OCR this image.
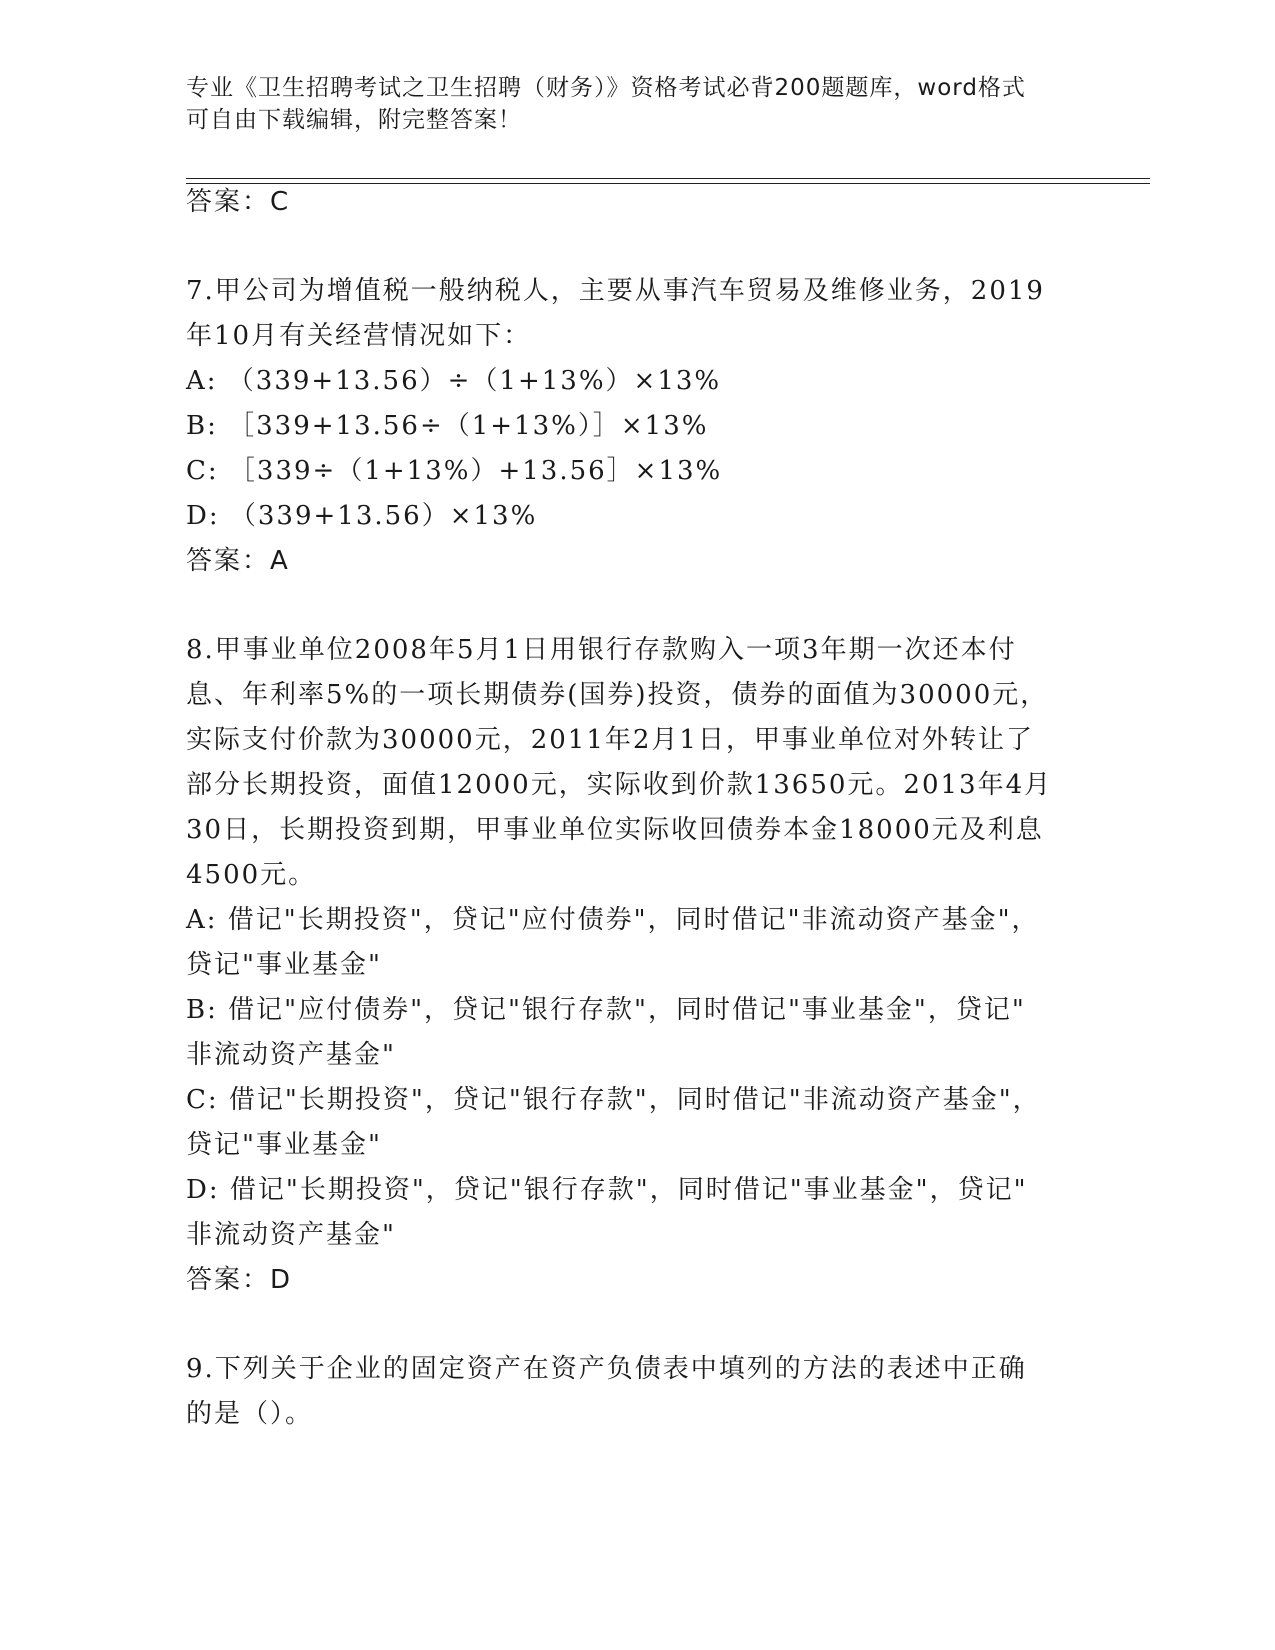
专业《卫生招聘考试之卫生招聘（财务）》资格考试必背200题题库，word格式
可自由下载编辑，附完整答案！
答案：C
7.甲公司为增值税一般纳税人，主要从事汽车贸易及维修业务，2019
年10月有关经营情况如下：
A: （339+13.56）÷（1+13%）×13%
B: ［339+13.56÷（1+13%）］×13%
C: ［339÷（1+13%）+13.56］×13%
D: （339+13.56）×13%
答案：A
8.甲事业单位2008年5月1日用银行存款购入一项3年期一次还本付
息、年利率5%的一项长期债券(国券)投资，债券的面值为30000元，
实际支付价款为30000元，2011年2月1日，甲事业单位对外转让了
部分长期投资，面值12000元，实际收到价款13650元。2013年4月
30日，长期投资到期，甲事业单位实际收回债券本金18000元及利息
4500元。
A: 借记"长期投资"，贷记"应付债券"，同时借记"非流动资产基金"，
贷记"事业基金"
B: 借记"应付债券"，贷记"银行存款"，同时借记"事业基金"，贷记"
非流动资产基金"
C: 借记"长期投资"，贷记"银行存款"，同时借记"非流动资产基金"，
贷记"事业基金"
D: 借记"长期投资"，贷记"银行存款"，同时借记"事业基金"，贷记"
非流动资产基金"
答案：D
9.下列关于企业的固定资产在资产负债表中填列的方法的表述中正确
的是（）。
